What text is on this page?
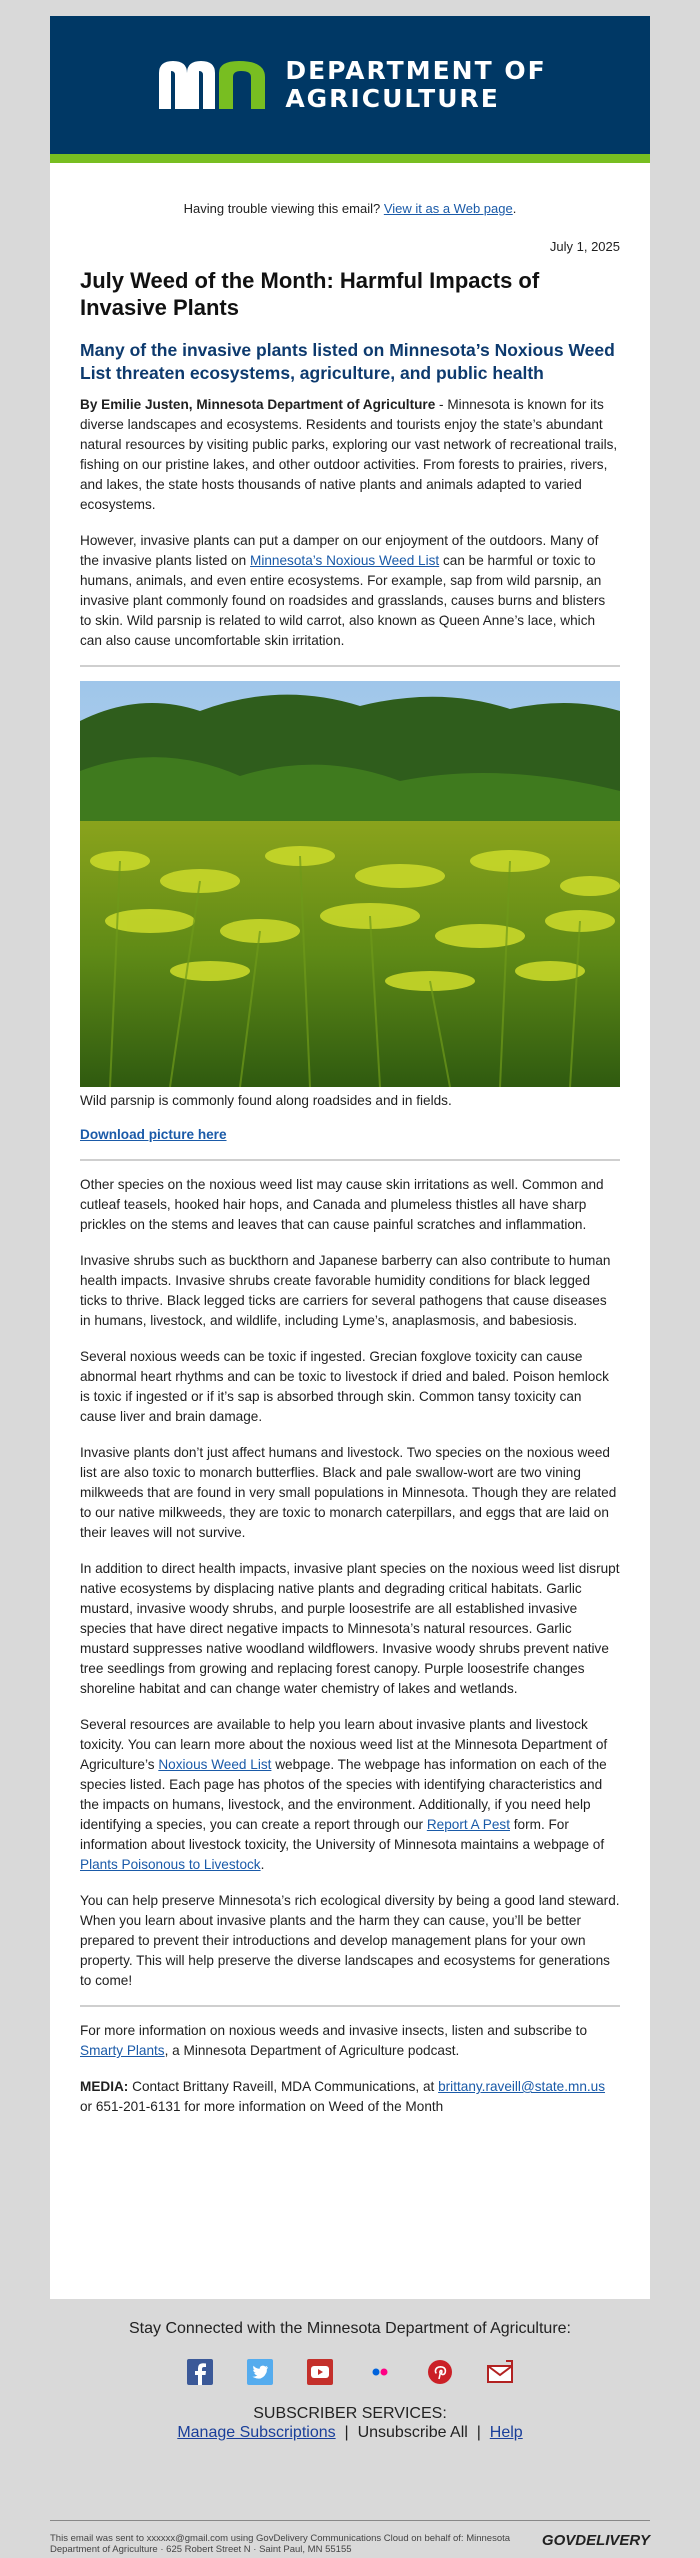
DEPARTMENT OF
AGRICULTURE
Having trouble viewing this email? View it as a Web page.
July 1, 2025
July Weed of the Month: Harmful Impacts of Invasive Plants
Many of the invasive plants listed on Minnesota’s Noxious Weed List threaten ecosystems, agriculture, and public health

By Emilie Justen, Minnesota Department of Agriculture - Minnesota is known for its diverse landscapes and ecosystems. Residents and tourists enjoy the state’s abundant natural resources by visiting public parks, exploring our vast network of recreational trails, fishing on our pristine lakes, and other outdoor activities. From forests to prairies, rivers, and lakes, the state hosts thousands of native plants and animals adapted to varied ecosystems.

However, invasive plants can put a damper on our enjoyment of the outdoors. Many of the invasive plants listed on Minnesota’s Noxious Weed List can be harmful or toxic to humans, animals, and even entire ecosystems. For example, sap from wild parsnip, an invasive plant commonly found on roadsides and grasslands, causes burns and blisters to skin. Wild parsnip is related to wild carrot, also known as Queen Anne’s lace, which can also cause uncomfortable skin irritation.

Wild parsnip is commonly found along roadsides and in fields.
Download picture here

Other species on the noxious weed list may cause skin irritations as well. Common and cutleaf teasels, hooked hair hops, and Canada and plumeless thistles all have sharp prickles on the stems and leaves that can cause painful scratches and inflammation.

Invasive shrubs such as buckthorn and Japanese barberry can also contribute to human health impacts. Invasive shrubs create favorable humidity conditions for black legged ticks to thrive. Black legged ticks are carriers for several pathogens that cause diseases in humans, livestock, and wildlife, including Lyme’s, anaplasmosis, and babesiosis.

Several noxious weeds can be toxic if ingested. Grecian foxglove toxicity can cause abnormal heart rhythms and can be toxic to livestock if dried and baled. Poison hemlock is toxic if ingested or if it’s sap is absorbed through skin. Common tansy toxicity can cause liver and brain damage.

Invasive plants don’t just affect humans and livestock. Two species on the noxious weed list are also toxic to monarch butterflies. Black and pale swallow-wort are two vining milkweeds that are found in very small populations in Minnesota. Though they are related to our native milkweeds, they are toxic to monarch caterpillars, and eggs that are laid on their leaves will not survive.

In addition to direct health impacts, invasive plant species on the noxious weed list disrupt native ecosystems by displacing native plants and degrading critical habitats. Garlic mustard, invasive woody shrubs, and purple loosestrife are all established invasive species that have direct negative impacts to Minnesota’s natural resources. Garlic mustard suppresses native woodland wildflowers. Invasive woody shrubs prevent native tree seedlings from growing and replacing forest canopy. Purple loosestrife changes shoreline habitat and can change water chemistry of lakes and wetlands.

Several resources are available to help you learn about invasive plants and livestock toxicity. You can learn more about the noxious weed list at the Minnesota Department of Agriculture’s Noxious Weed List webpage. The webpage has information on each of the species listed. Each page has photos of the species with identifying characteristics and the impacts on humans, livestock, and the environment. Additionally, if you need help identifying a species, you can create a report through our Report A Pest form. For information about livestock toxicity, the University of Minnesota maintains a webpage of Plants Poisonous to Livestock.

You can help preserve Minnesota’s rich ecological diversity by being a good land steward. When you learn about invasive plants and the harm they can cause, you’ll be better prepared to prevent their introductions and develop management plans for your own property. This will help preserve the diverse landscapes and ecosystems for generations to come!

For more information on noxious weeds and invasive insects, listen and subscribe to Smarty Plants, a Minnesota Department of Agriculture podcast.

MEDIA: Contact Brittany Raveill, MDA Communications, at brittany.raveill@state.mn.us or 651-201-6131 for more information on Weed of the Month

Stay Connected with the Minnesota Department of Agriculture:
SUBSCRIBER SERVICES:
Manage Subscriptions | Unsubscribe All | Help
This email was sent to xxxxxx@gmail.com using GovDelivery Communications Cloud on behalf of: Minnesota
Department of Agriculture · 625 Robert Street N · Saint Paul, MN 55155
GOVDELIVERY
